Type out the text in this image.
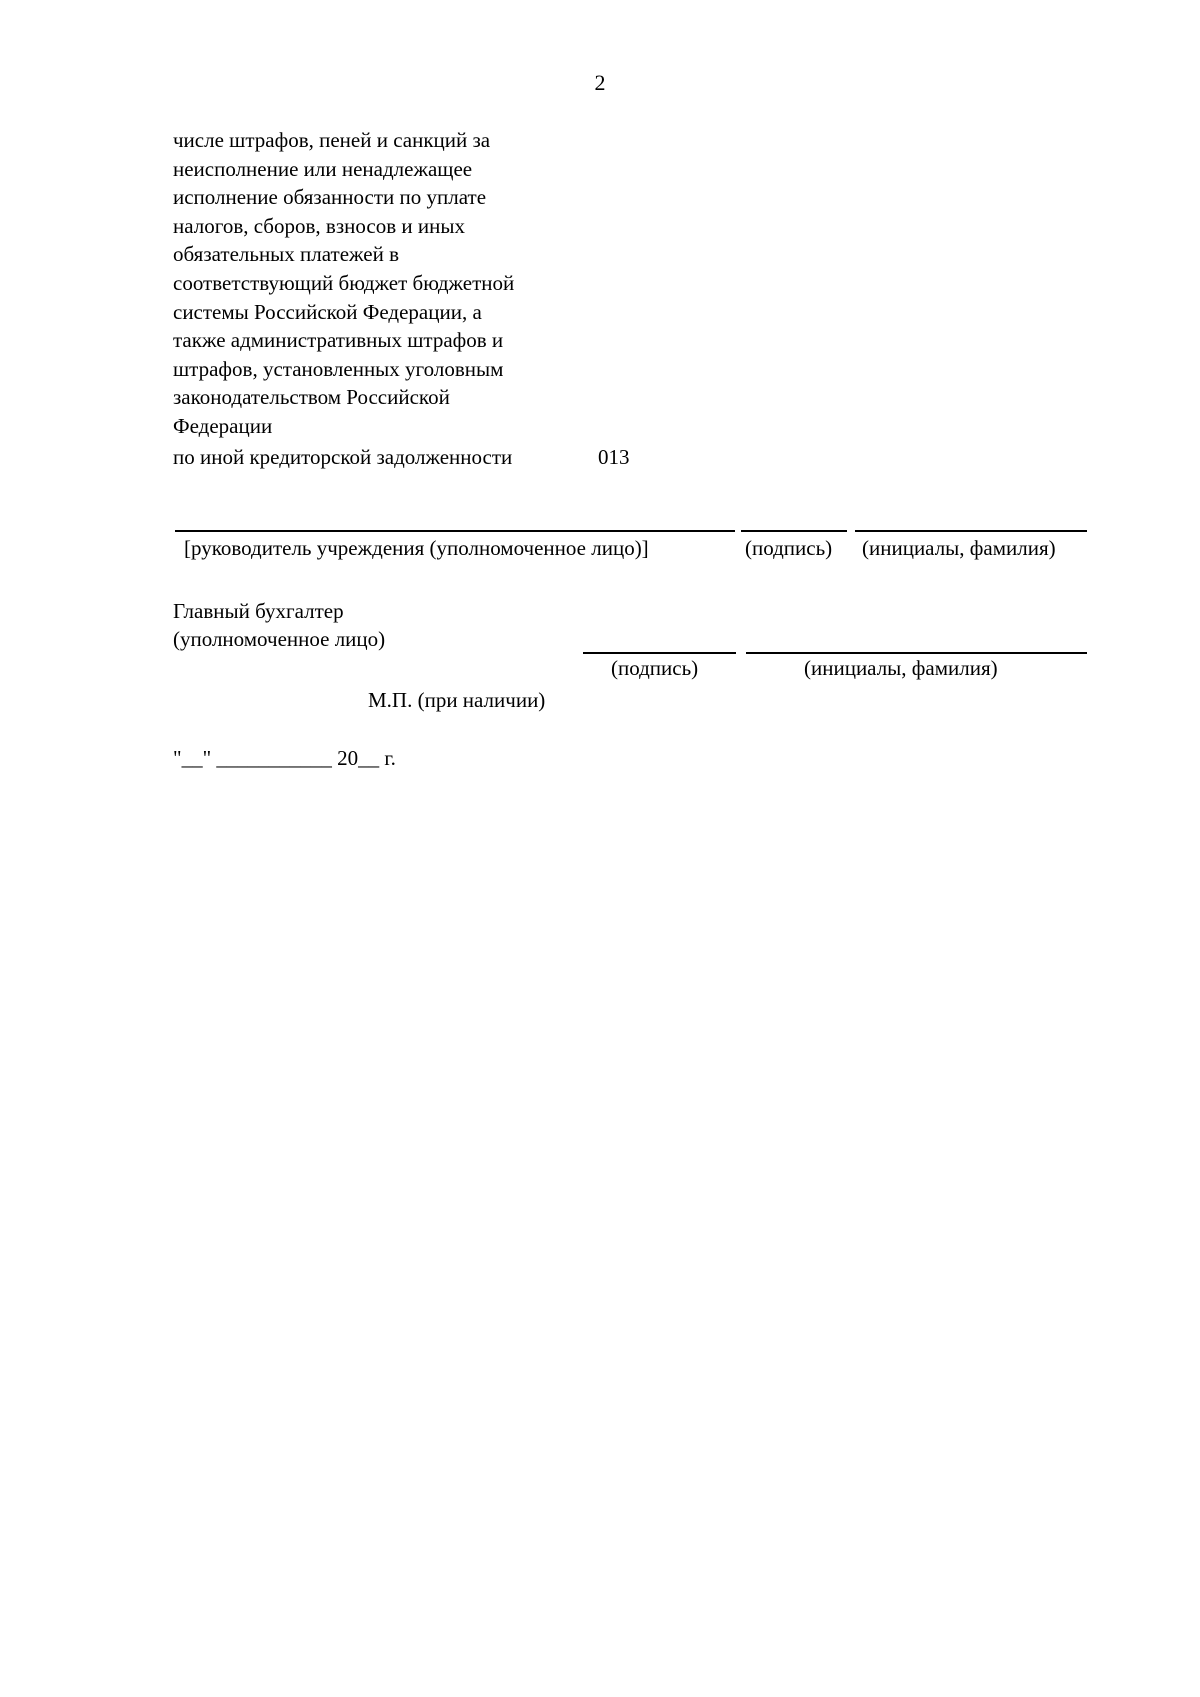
2
числе штрафов, пеней и санкций за
неисполнение или ненадлежащее
исполнение обязанности по уплате
налогов, сборов, взносов и иных
обязательных платежей в
соответствующий бюджет бюджетной
системы Российской Федерации, а
также административных штрафов и
штрафов, установленных уголовным
законодательством Российской
Федерации
по иной кредиторской задолженности	013
[руководитель учреждения (уполномоченное лицо)]	(подпись) (инициалы, фамилия)
Главный бухгалтер
(уполномоченное лицо)
(подпись)	(инициалы, фамилия)
М.П. (при наличии)
"__" ___________ 20__ г.
